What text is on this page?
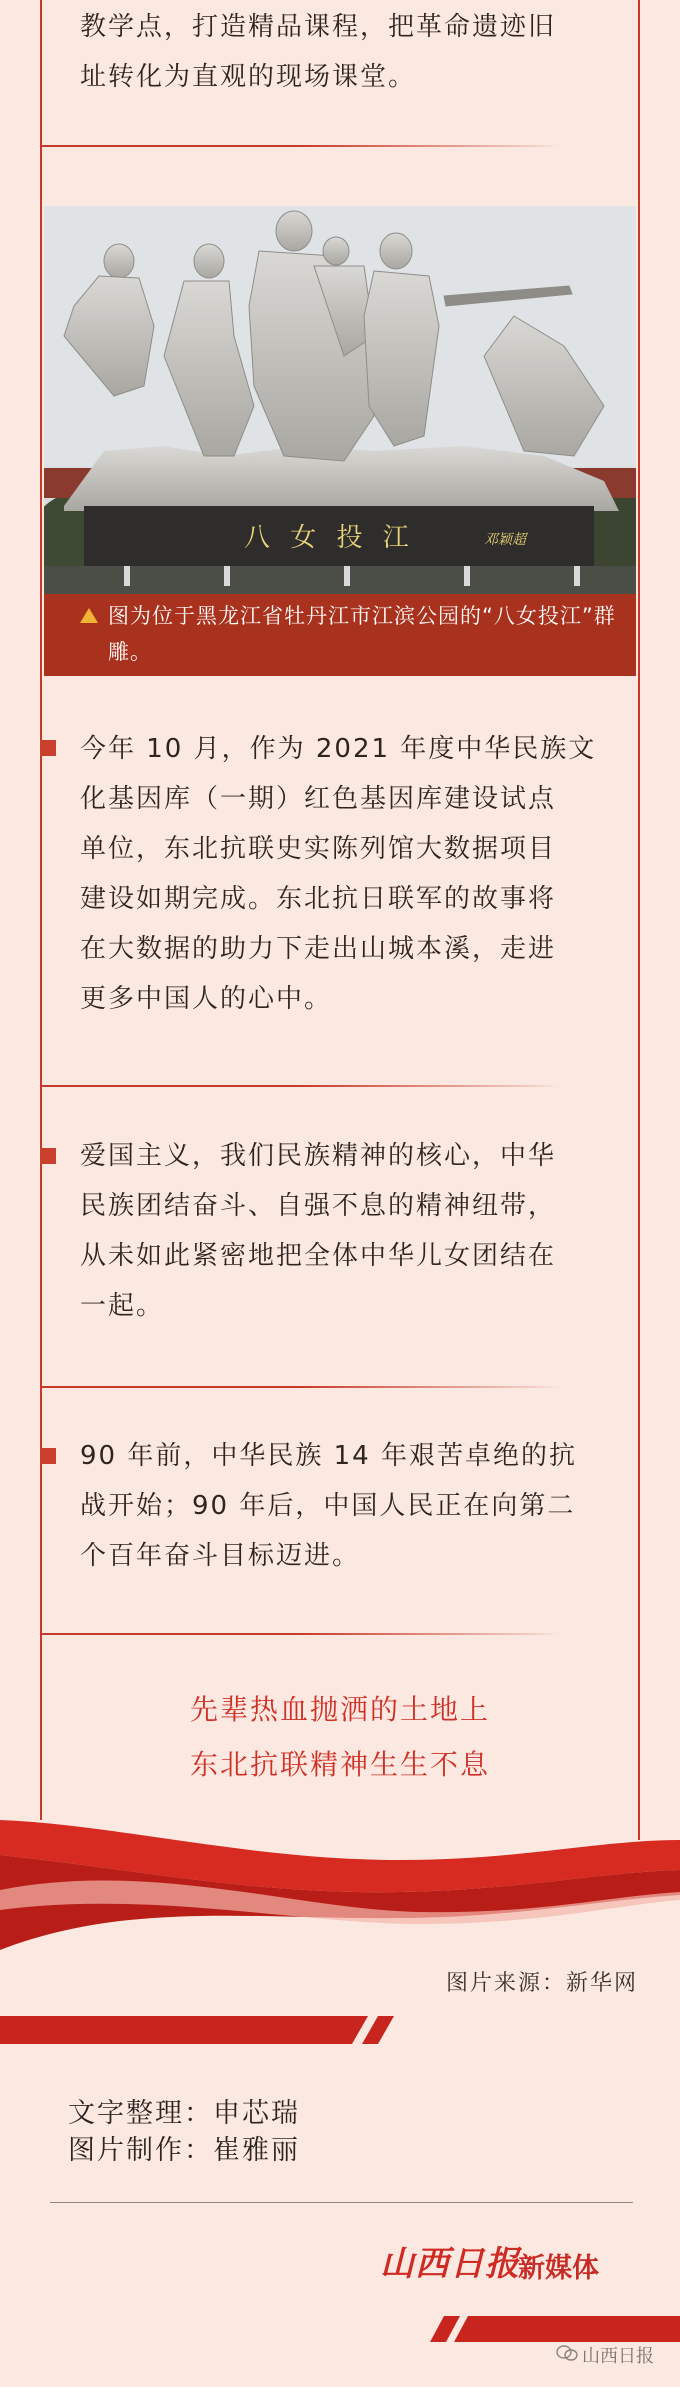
教学点，打造精品课程，把革命遗迹旧
址转化为直观的现场课堂。
八 女 投 江	邓颖超
图为位于黑龙江省牡丹江市江滨公园的“八女投江”群雕。
今年 10 月，作为 2021 年度中华民族文
化基因库（一期）红色基因库建设试点
单位，东北抗联史实陈列馆大数据项目
建设如期完成。东北抗日联军的故事将
在大数据的助力下走出山城本溪，走进
更多中国人的心中。
爱国主义，我们民族精神的核心，中华
民族团结奋斗、自强不息的精神纽带，
从未如此紧密地把全体中华儿女团结在
一起。
90 年前，中华民族 14 年艰苦卓绝的抗
战开始；90 年后，中国人民正在向第二
个百年奋斗目标迈进。
先辈热血抛洒的土地上
东北抗联精神生生不息
图片来源：新华网
文字整理：申芯瑞
图片制作：崔雅丽
山西日报
新媒体
山西日报
